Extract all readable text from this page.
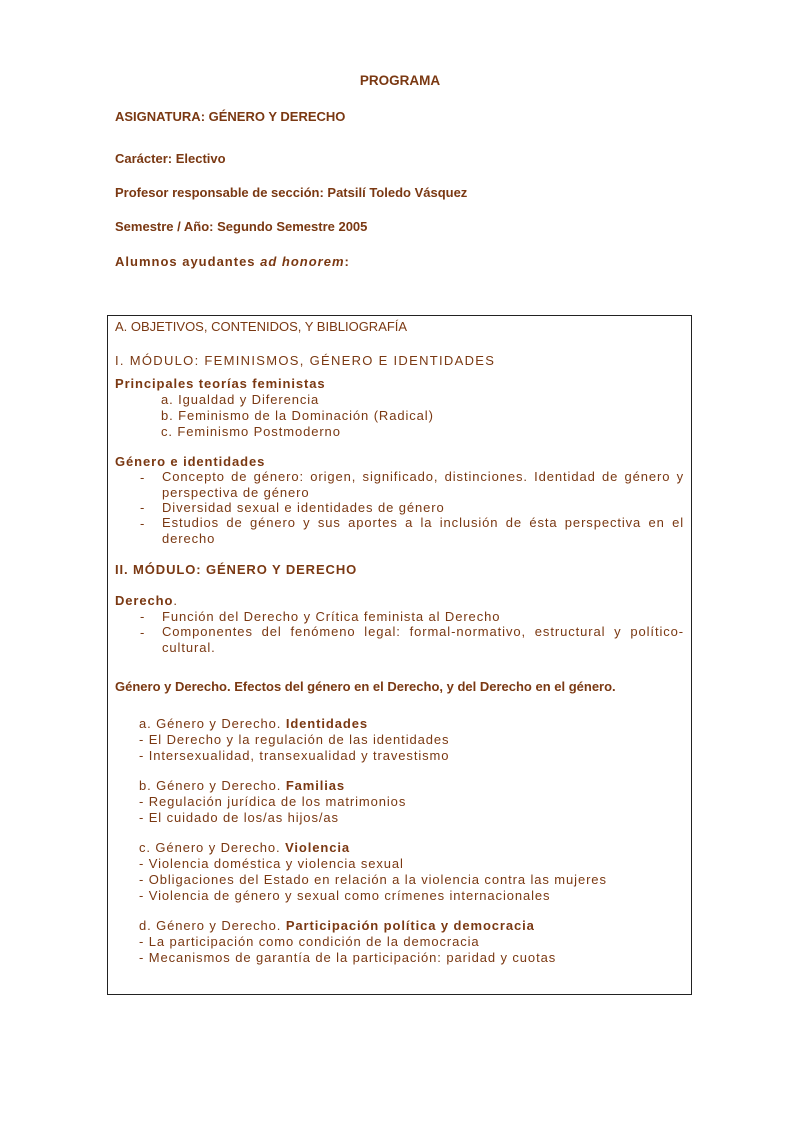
PROGRAMA
ASIGNATURA: GÉNERO Y DERECHO
Carácter: Electivo
Profesor responsable de sección: Patsilí Toledo Vásquez
Semestre / Año: Segundo Semestre 2005
Alumnos ayudantes ad honorem:
A. OBJETIVOS, CONTENIDOS, Y BIBLIOGRAFÍA
I. MÓDULO: FEMINISMOS, GÉNERO E IDENTIDADES
Principales teorías feministas
a. Igualdad y Diferencia
b. Feminismo de la Dominación (Radical)
c. Feminismo Postmoderno
Género e identidades
- Concepto de género: origen, significado, distinciones. Identidad de género y perspectiva de género
- Diversidad sexual e identidades de género
- Estudios de género y sus aportes a la inclusión de ésta perspectiva en el derecho
II. MÓDULO: GÉNERO Y DERECHO
Derecho.
- Función del Derecho y Crítica feminista al Derecho
- Componentes del fenómeno legal: formal-normativo, estructural y político-cultural.
Género y Derecho. Efectos del género en el Derecho, y del Derecho en el género.
a. Género y Derecho. Identidades
- El Derecho y la regulación de las identidades
- Intersexualidad, transexualidad y travestismo
b. Género y Derecho. Familias
- Regulación jurídica de los matrimonios
- El cuidado de los/as hijos/as
c. Género y Derecho. Violencia
- Violencia doméstica y violencia sexual
- Obligaciones del Estado en relación a la violencia contra las mujeres
- Violencia de género y sexual como crímenes internacionales
d. Género y Derecho. Participación política y democracia
- La participación como condición de la democracia
- Mecanismos de garantía de la participación: paridad y cuotas
